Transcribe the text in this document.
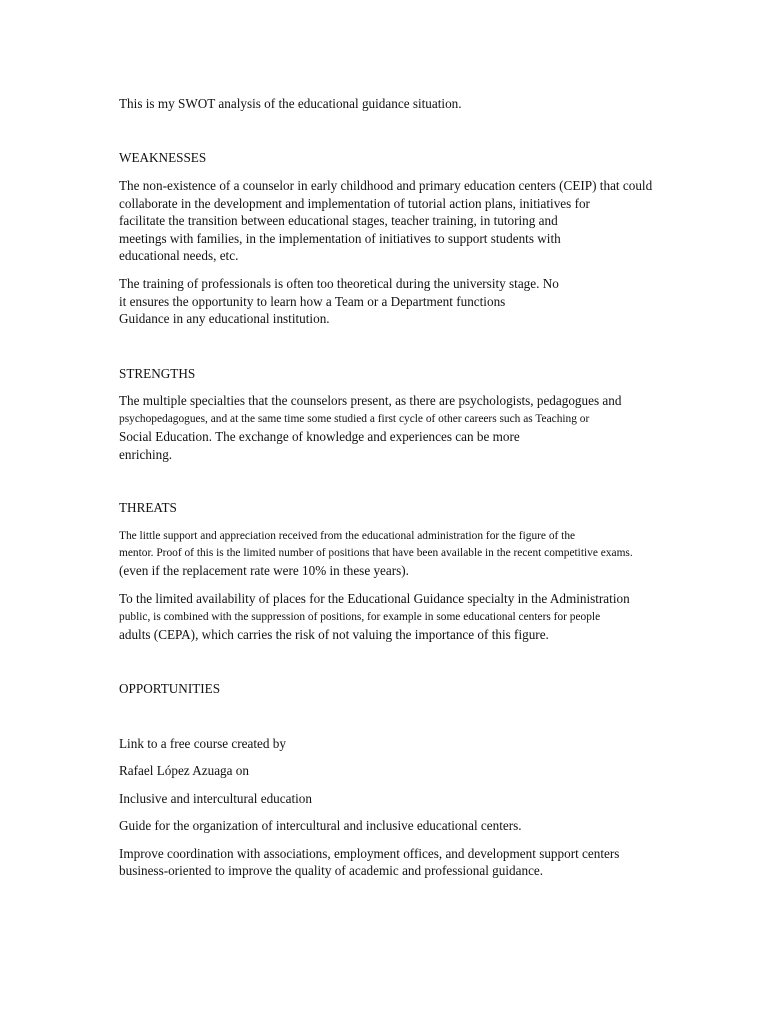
This is my SWOT analysis of the educational guidance situation.
WEAKNESSES
The non-existence of a counselor in early childhood and primary education centers (CEIP) that could
collaborate in the development and implementation of tutorial action plans, initiatives for
facilitate the transition between educational stages, teacher training, in tutoring and
meetings with families, in the implementation of initiatives to support students with
educational needs, etc.
The training of professionals is often too theoretical during the university stage. No
it ensures the opportunity to learn how a Team or a Department functions
Guidance in any educational institution.
STRENGTHS
The multiple specialties that the counselors present, as there are psychologists, pedagogues and
psychopedagogues, and at the same time some studied a first cycle of other careers such as Teaching or
Social Education. The exchange of knowledge and experiences can be more
enriching.
THREATS
The little support and appreciation received from the educational administration for the figure of the
mentor. Proof of this is the limited number of positions that have been available in the recent competitive exams.
(even if the replacement rate were 10% in these years).
To the limited availability of places for the Educational Guidance specialty in the Administration
public, is combined with the suppression of positions, for example in some educational centers for people
adults (CEPA), which carries the risk of not valuing the importance of this figure.
OPPORTUNITIES
Link to a free course created by
Rafael López Azuaga on
Inclusive and intercultural education
Guide for the organization of intercultural and inclusive educational centers.
Improve coordination with associations, employment offices, and development support centers
business-oriented to improve the quality of academic and professional guidance.
